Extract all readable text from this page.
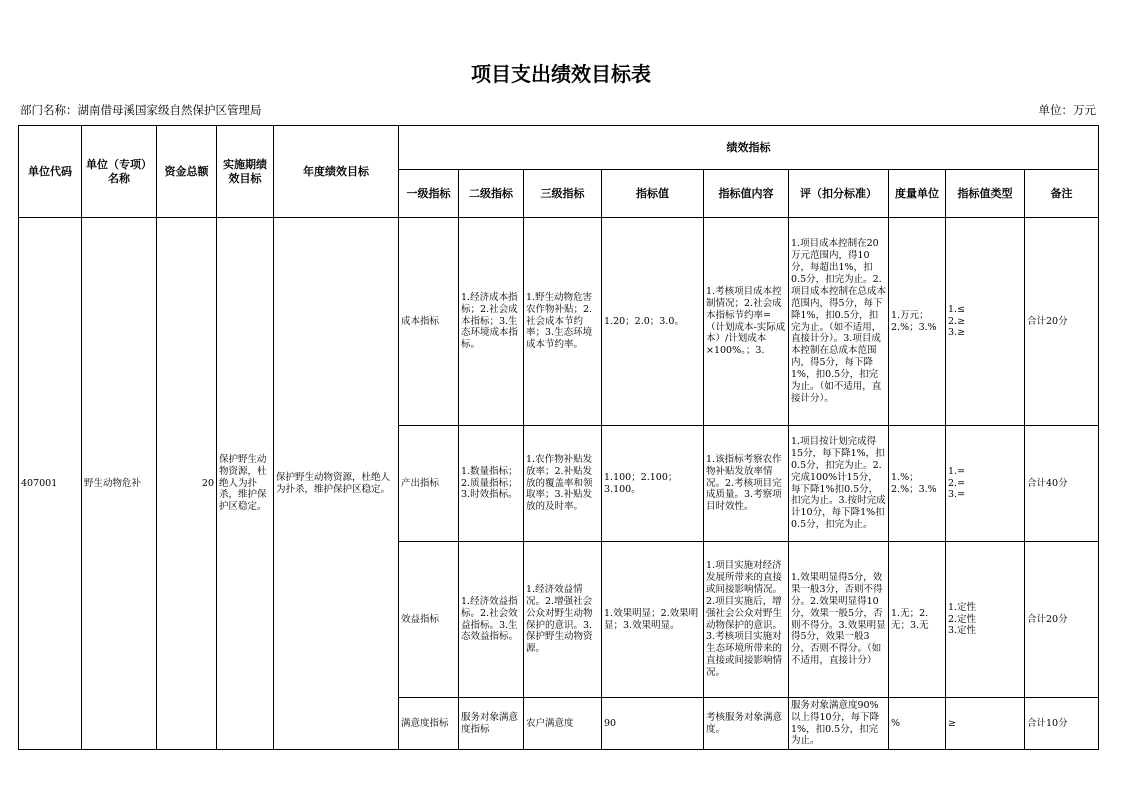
项目支出绩效目标表
部门名称：湖南借母溪国家级自然保护区管理局	单位：万元
单位代码	单位（专项）名称	资金总额	实施期绩效目标	年度绩效目标	绩效指标								
					一级指标	二级指标	三级指标	指标值	指标值内容	评（扣分标准）	度量单位	指标值类型	备注
407001	野生动物危补	20	保护野生动物资源，杜绝人为扑杀，维护保护区稳定。	保护野生动物资源，杜绝人为扑杀，维护保护区稳定。	成本指标	1.经济成本指标；2.社会成本指标；3.生态环境成本指标。	1.野生动物危害农作物补贴；2.社会成本节约率；3.生态环境成本节约率。	1.20；2.0；3.0。	1.考核项目成本控制情况；2.社会成本指标节约率=（计划成本-实际成本）/计划成本×100%。；3.	1.项目成本控制在20万元范围内，得10分，每超出1%，扣0.5分，扣完为止。2.项目成本控制在总成本范围内，得5分，每下降1%，扣0.5分，扣完为止。（如不适用，直接计分）。3.项目成本控制在总成本范围内，得5分，每下降1%，扣0.5分，扣完为止。（如不适用，直接计分）。	1.万元；2.%；3.%	1.≤
2.≥
3.≥	合计20分
					产出指标	1.数量指标；2.质量指标；3.时效指标。	1.农作物补贴发放率；2.补贴发放的覆盖率和领取率；3.补贴发放的及时率。	1.100；2.100；3.100。	1.该指标考察农作物补贴发放率情况。2.考核项目完成质量。3.考察项目时效性。	1.项目按计划完成得15分，每下降1%，扣0.5分，扣完为止。2.完成100%计15分，每下降1%扣0.5分，扣完为止。3.按时完成计10分，每下降1%扣0.5分，扣完为止。	1.%；2.%；3.%	1.=
2.=
3.=	合计40分
					效益指标	1.经济效益指标。2.社会效益指标。3.生态效益指标。	1.经济效益情况。2.增强社会公众对野生动物保护的意识。3.保护野生动物资源。	1.效果明显；2.效果明显；3.效果明显。	1.项目实施对经济发展所带来的直接或间接影响情况。2.项目实施后，增强社会公众对野生动物保护的意识。3.考核项目实施对生态环境所带来的直接或间接影响情况。	1.效果明显得5分，效果一般3分，否则不得分。2.效果明显得10分，效果一般5分，否则不得分。3.效果明显得5分，效果一般3分，否则不得分。（如不适用，直接计分）	1.无；2.无；3.无	1.定性
2.定性
3.定性	合计20分
					满意度指标	服务对象满意度指标	农户满意度	90	考核服务对象满意度。	服务对象满意度90%以上得10分，每下降1%，扣0.5分，扣完为止。	%	≥	合计10分
